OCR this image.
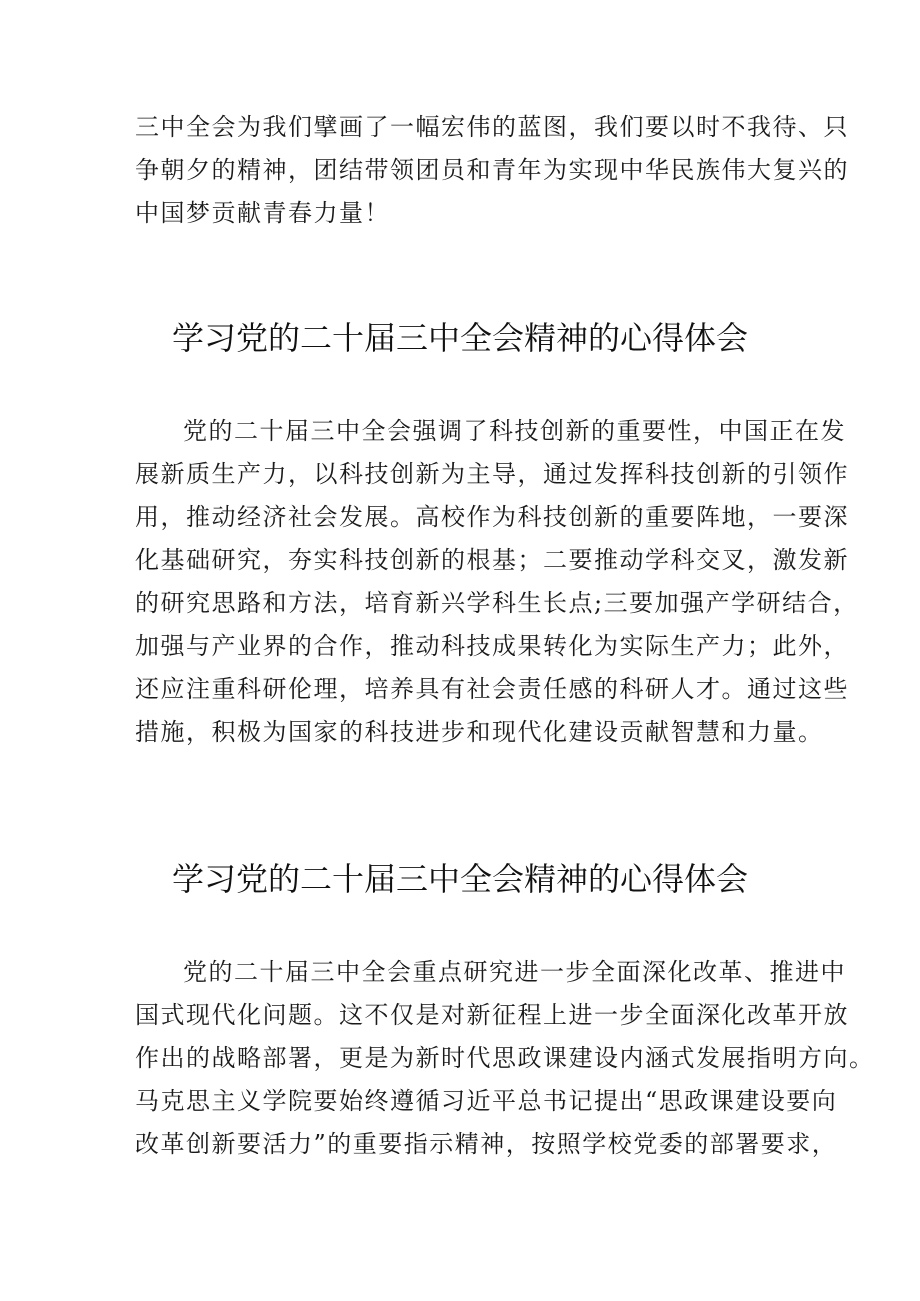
三中全会为我们擘画了一幅宏伟的蓝图，我们要以时不我待、只
争朝夕的精神，团结带领团员和青年为实现中华民族伟大复兴的
中国梦贡献青春力量！
学习党的二十届三中全会精神的心得体会
党的二十届三中全会强调了科技创新的重要性，中国正在发
展新质生产力，以科技创新为主导，通过发挥科技创新的引领作
用，推动经济社会发展。高校作为科技创新的重要阵地，一要深
化基础研究，夯实科技创新的根基；二要推动学科交叉，激发新
的研究思路和方法，培育新兴学科生长点;三要加强产学研结合，
加强与产业界的合作，推动科技成果转化为实际生产力；此外，
还应注重科研伦理，培养具有社会责任感的科研人才。通过这些
措施，积极为国家的科技进步和现代化建设贡献智慧和力量。
学习党的二十届三中全会精神的心得体会
党的二十届三中全会重点研究进一步全面深化改革、推进中
国式现代化问题。这不仅是对新征程上进一步全面深化改革开放
作出的战略部署，更是为新时代思政课建设内涵式发展指明方向。
马克思主义学院要始终遵循习近平总书记提出“思政课建设要向
改革创新要活力”的重要指示精神，按照学校党委的部署要求，
